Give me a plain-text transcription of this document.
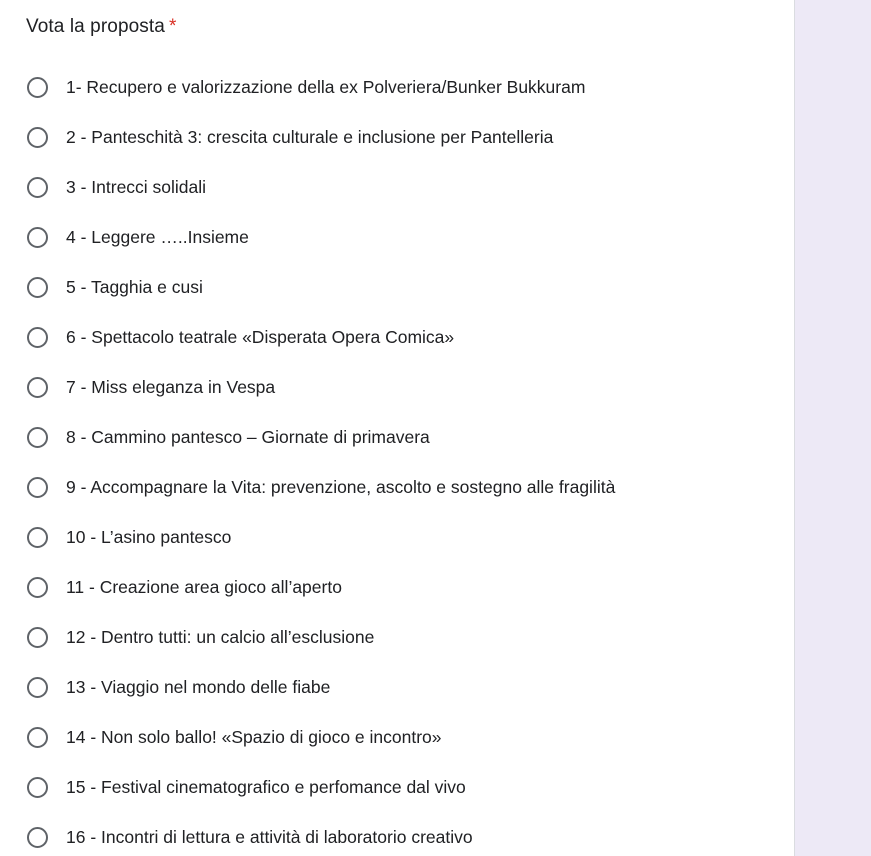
Vota la proposta *
1- Recupero e valorizzazione della ex Polveriera/Bunker Bukkuram
2 - Panteschità 3: crescita culturale e inclusione per Pantelleria
3 - Intrecci solidali
4 - Leggere …..Insieme
5 - Tagghia e cusi
6 - Spettacolo teatrale «Disperata Opera Comica»
7 - Miss eleganza in Vespa
8 - Cammino pantesco – Giornate di primavera
9 - Accompagnare la Vita: prevenzione, ascolto e sostegno alle fragilità
10 - L’asino pantesco
11 - Creazione area gioco all’aperto
12 - Dentro tutti: un calcio all’esclusione
13 - Viaggio nel mondo delle fiabe
14 - Non solo ballo! «Spazio di gioco e incontro»
15 - Festival cinematografico e perfomance dal vivo
16 - Incontri di lettura e attività di laboratorio creativo
